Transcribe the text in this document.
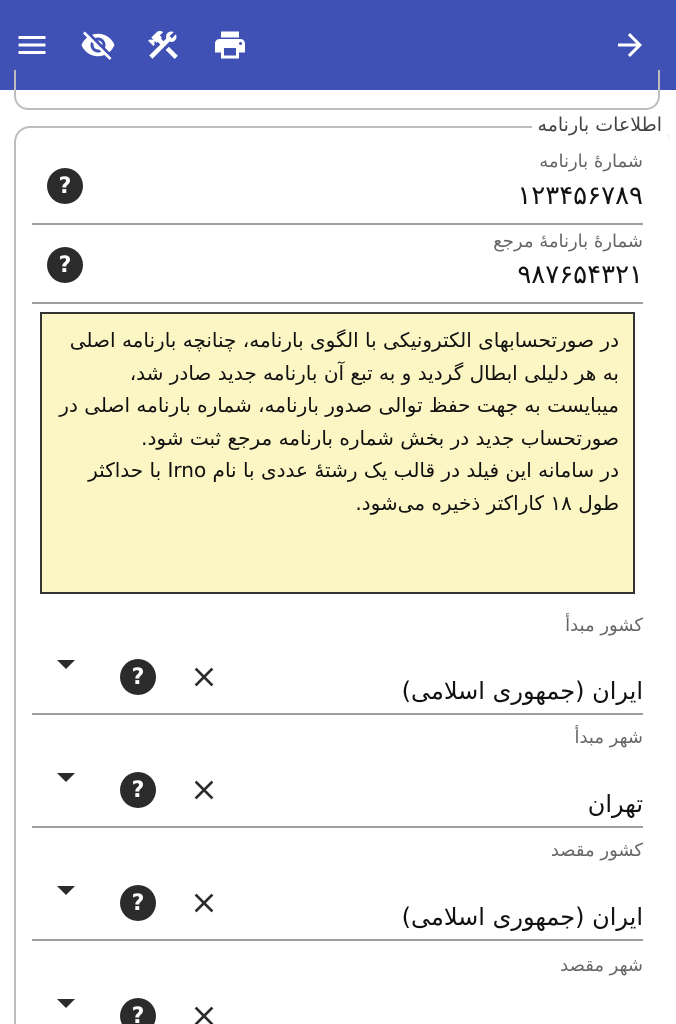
اطلاعات بارنامه
شمارهٔ بارنامه
۱۲۳۴۵۶۷۸۹
?
شمارهٔ بارنامهٔ مرجع
۹۸۷۶۵۴۳۲۱
?

در صورتحسابهای الکترونیکی با الگوی بارنامه، چنانچه بارنامه اصلی به هر دلیلی ابطال گردید و به تبع آن بارنامه جدید صادر شد، میبایست به جهت حفظ توالی صدور بارنامه، شماره بارنامه اصلی در صورتحساب جدید در بخش شماره بارنامه مرجع ثبت شود.

در سامانه این فیلد در قالب یک رشتهٔ عددی با نام Irno با حداکثر طول ۱۸ کاراکتر ذخیره می‌شود.

کشور مبدأ
ایران (جمهوری اسلامی)
?
شهر مبدأ
تهران
?
کشور مقصد
ایران (جمهوری اسلامی)
?
شهر مقصد
?
